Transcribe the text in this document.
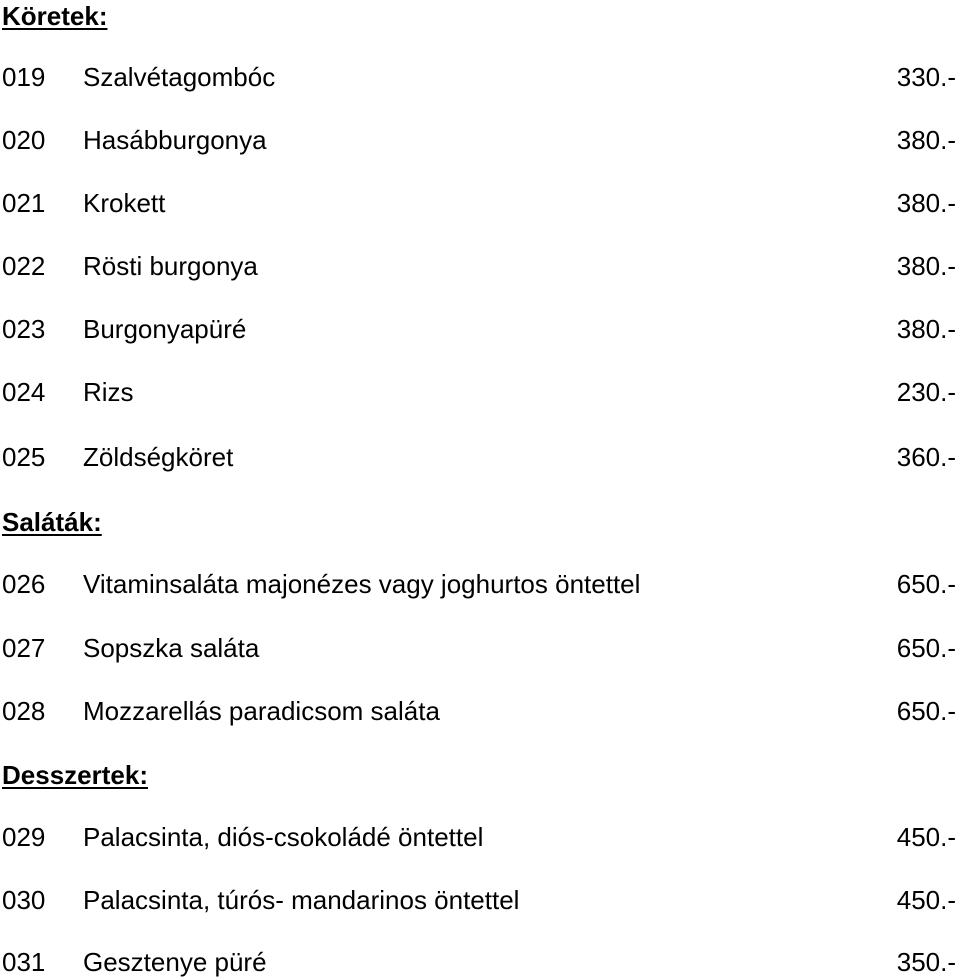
Köretek:
019 Szalvétagombóc	330.-
020 Hasábburgonya	380.-
021 Krokett	380.-
022 Rösti burgonya	380.-
023 Burgonyapüré	380.-
024 Rizs	230.-
025 Zöldségköret	360.-
Saláták:
026 Vitaminsaláta majonézes vagy joghurtos öntettel	650.-
027 Sopszka saláta	650.-
028 Mozzarellás paradicsom saláta	650.-
Desszertek:
029 Palacsinta, diós-csokoládé öntettel	450.-
030 Palacsinta, túrós- mandarinos öntettel	450.-
031 Gesztenye püré	350.-
